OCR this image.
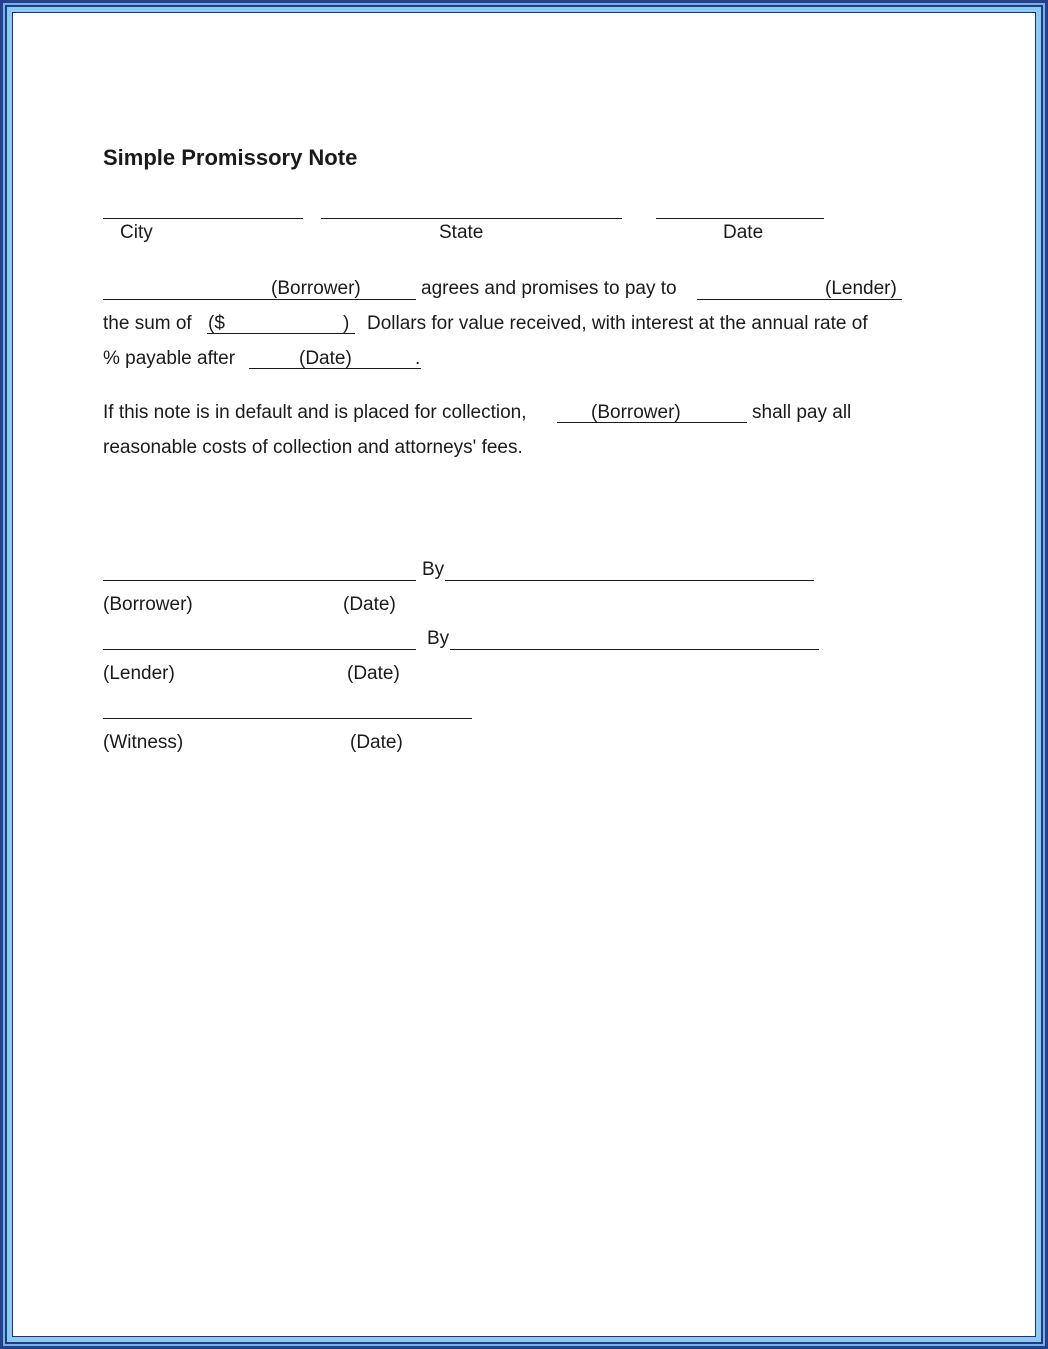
Simple Promissory Note
City	State	Date
(Borrower)	agrees and promises to pay to	(Lender)
the sum of ($	) Dollars for value received, with interest at the annual rate of
% payable after	(Date)	.
If this note is in default and is placed for collection,	(Borrower)	shall pay all
reasonable costs of collection and attorneys' fees.
By
(Borrower)	(Date)
By
(Lender)	(Date)
(Witness)	(Date)
